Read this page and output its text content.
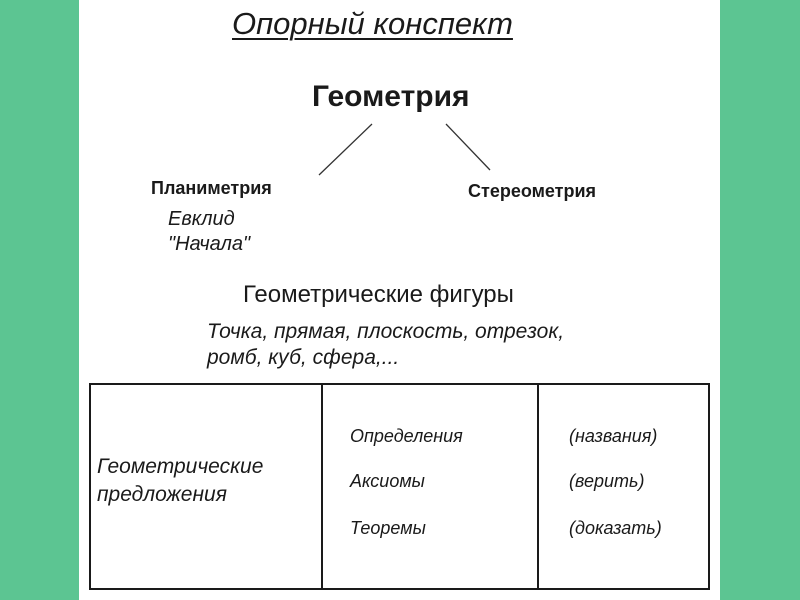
Опорный конспект
Геометрия
Планиметрия	Стереометрия
Евклид
"Начала"
Геометрические фигуры
Точка, прямая, плоскость, отрезок,
ромб, куб, сфера,...
Геометрические
предложения
Определения
Аксиомы
Теоремы
(названия)
(верить)
(доказать)
